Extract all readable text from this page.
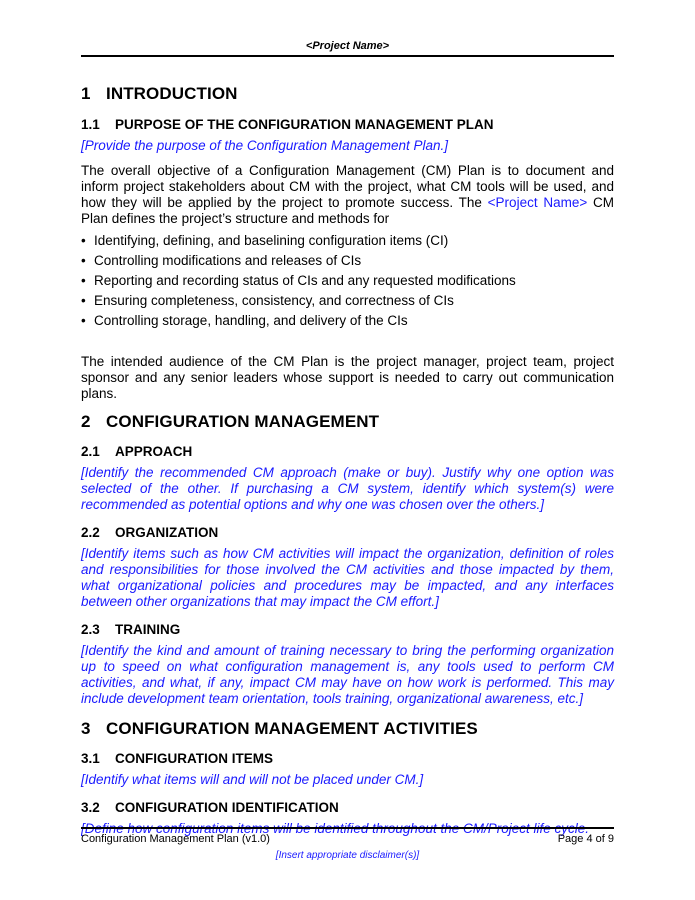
<Project Name>
1 INTRODUCTION
1.1	PURPOSE OF THE CONFIGURATION MANAGEMENT PLAN

[Provide the purpose of the Configuration Management Plan.]

The overall objective of a Configuration Management (CM) Plan is to document and inform project stakeholders about CM with the project, what CM tools will be used, and how they will be applied by the project to promote success. The <Project Name> CM Plan defines the project’s structure and methods for

• Identifying, defining, and baselining configuration items (CI)
• Controlling modifications and releases of CIs
• Reporting and recording status of CIs and any requested modifications
• Ensuring completeness, consistency, and correctness of CIs
• Controlling storage, handling, and delivery of the CIs

The intended audience of the CM Plan is the project manager, project team, project sponsor and any senior leaders whose support is needed to carry out communication plans.

2 CONFIGURATION MANAGEMENT
2.1	APPROACH

[Identify the recommended CM approach (make or buy). Justify why one option was selected of the other. If purchasing a CM system, identify which system(s) were recommended as potential options and why one was chosen over the others.]

2.2	ORGANIZATION

[Identify items such as how CM activities will impact the organization, definition of roles and responsibilities for those involved the CM activities and those impacted by them, what organizational policies and procedures may be impacted, and any interfaces between other organizations that may impact the CM effort.]

2.3	TRAINING

[Identify the kind and amount of training necessary to bring the performing organization up to speed on what configuration management is, any tools used to perform CM activities, and what, if any, impact CM may have on how work is performed. This may include development team orientation, tools training, organizational awareness, etc.]

3 CONFIGURATION MANAGEMENT ACTIVITIES
3.1	CONFIGURATION ITEMS

[Identify what items will and will not be placed under CM.]

3.2	CONFIGURATION IDENTIFICATION

[Define how configuration items will be identified throughout the CM/Project life cycle.

Configuration Management Plan (v1.0)	Page 4 of 9
[Insert appropriate disclaimer(s)]
